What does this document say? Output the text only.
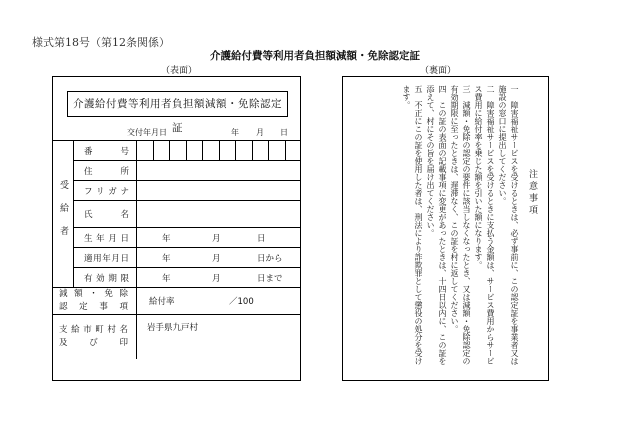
様式第18号（第12条関係）
介護給付費等利用者負担額減額・免除認定証
（表面）	（裏面）
介護給付費等利用者負担額減額・免除認定証
交付年月日	年 月 日
受給者	番号	

	住所	

	フリガナ	

	氏名	

	生年月日	年 月 日

	適用年月日	年 月 日から

	有効期限	年 月 日まで

減額・免除
認定事項		給付率 ／100

支給市町村名
及び印		岩手県九戸村
注意事項

一　障害福祉サービスを受けるときは、必ず事前に、この認定証を事業者又は施設の窓口に提出してください。

二　障害福祉サービスを受けるときに支払う金額は、サービス費用からサービス費用に給付率を乗じた額を引いた額になります。

三　減額・免除の認定の要件に該当しなくなったとき、又は減額・免除認定の有効期限に至ったときは、遅滞なく、この証を村に返してください。

四　この証の表面の記載事項に変更があったときは、十四日以内に、この証を添えて、村にその旨を届け出てください。

五　不正にこの証を使用した者は、刑法により詐欺罪として懲役の処分を受けます。
